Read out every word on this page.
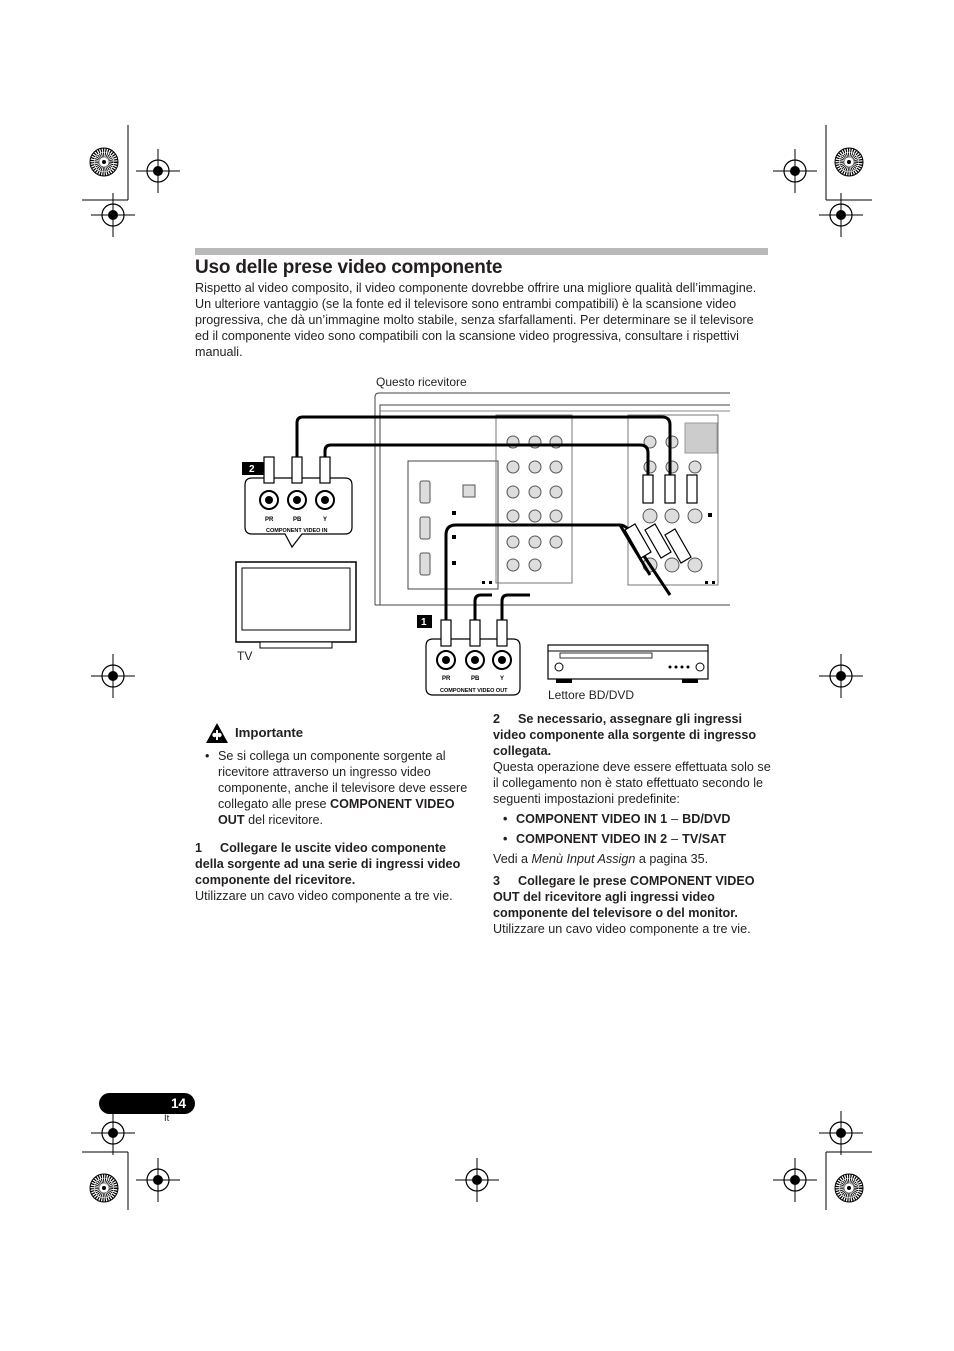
Uso delle prese video componente
Rispetto al video composito, il video componente dovrebbe offrire una migliore qualità dell’immagine. Un ulteriore vantaggio (se la fonte ed il televisore sono entrambi compatibili) è la scansione video progressiva, che dà un’immagine molto stabile, senza sfarfallamenti. Per determinare se il televisore ed il componente video sono compatibili con la scansione video progressiva, consultare i rispettivi manuali.
Questo ricevitore
2
PR	PB	Y
COMPONENT VIDEO IN
TV
1
PR	PB	Y
COMPONENT VIDEO OUT	Lettore BD/DVD
Importante
• Se si collega un componente sorgente al ricevitore attraverso un ingresso video componente, anche il televisore deve essere collegato alle prese COMPONENT VIDEO OUT del ricevitore.
1 Collegare le uscite video componente della sorgente ad una serie di ingressi video componente del ricevitore.
Utilizzare un cavo video componente a tre vie.
2 Se necessario, assegnare gli ingressi video componente alla sorgente di ingresso collegata.
Questa operazione deve essere effettuata solo se il collegamento non è stato effettuato secondo le seguenti impostazioni predefinite:
• COMPONENT VIDEO IN 1 – BD/DVD
• COMPONENT VIDEO IN 2 – TV/SAT
Vedi a Menù Input Assign a pagina 35.
3 Collegare le prese COMPONENT VIDEO OUT del ricevitore agli ingressi video componente del televisore o del monitor.
Utilizzare un cavo video componente a tre vie.
14
It
